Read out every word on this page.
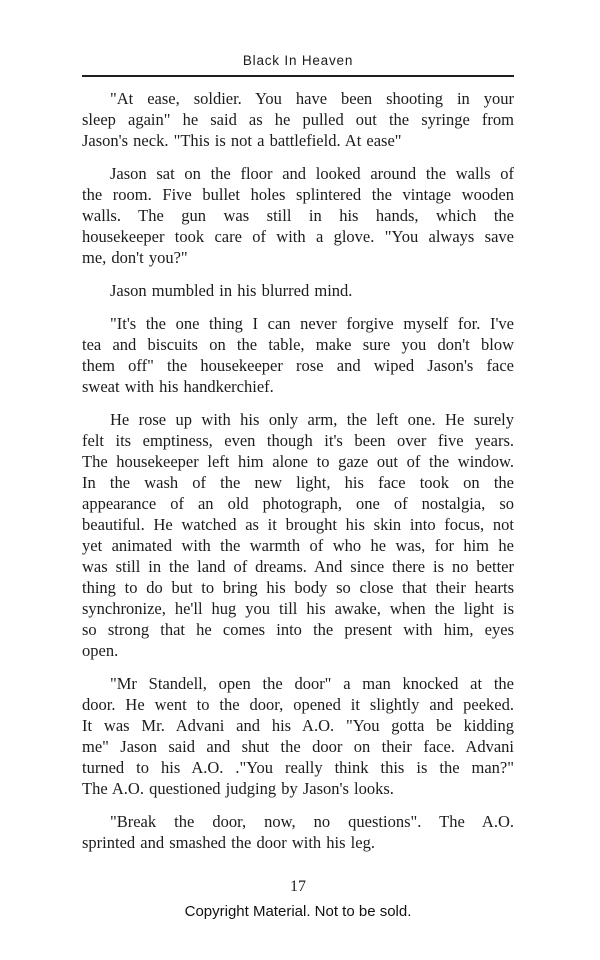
Black In Heaven
"At ease, soldier. You have been shooting in your
sleep again" he said as he pulled out the syringe from
Jason's neck. "This is not a battlefield. At ease"
Jason sat on the floor and looked around the walls of
the room. Five bullet holes splintered the vintage wooden
walls. The gun was still in his hands, which the
housekeeper took care of with a glove. "You always save
me, don't you?"
Jason mumbled in his blurred mind.
"It's the one thing I can never forgive myself for. I've
tea and biscuits on the table, make sure you don't blow
them off" the housekeeper rose and wiped Jason's face
sweat with his handkerchief.
He rose up with his only arm, the left one. He surely
felt its emptiness, even though it's been over five years.
The housekeeper left him alone to gaze out of the window.
In the wash of the new light, his face took on the
appearance of an old photograph, one of nostalgia, so
beautiful. He watched as it brought his skin into focus, not
yet animated with the warmth of who he was, for him he
was still in the land of dreams. And since there is no better
thing to do but to bring his body so close that their hearts
synchronize, he'll hug you till his awake, when the light is
so strong that he comes into the present with him, eyes
open.
"Mr Standell, open the door" a man knocked at the
door. He went to the door, opened it slightly and peeked.
It was Mr. Advani and his A.O. "You gotta be kidding
me" Jason said and shut the door on their face. Advani
turned to his A.O. ."You really think this is the man?"
The A.O. questioned judging by Jason's looks.
"Break the door, now, no questions". The A.O.
sprinted and smashed the door with his leg.
17
Copyright Material. Not to be sold.
